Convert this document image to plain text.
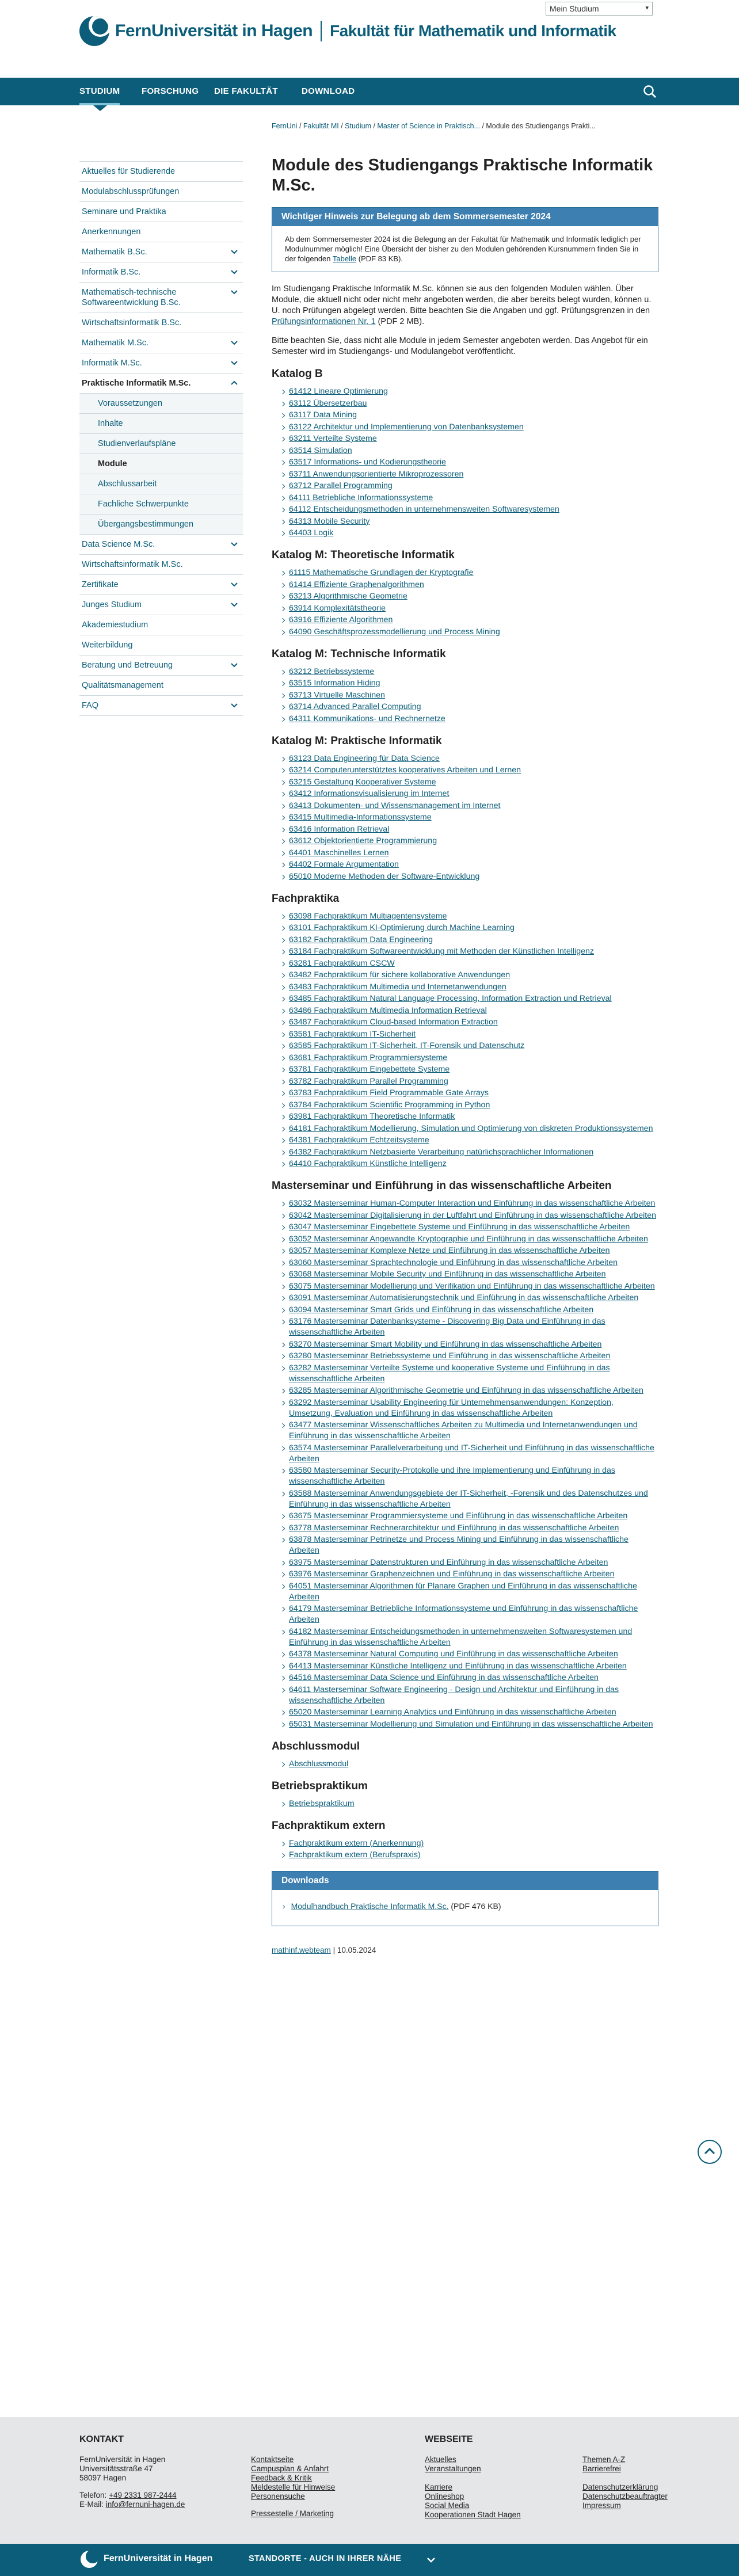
FernUniversität in Hagen Fakultät für Mathematik und Informatik
Mein Studium	▾
STUDIUM	FORSCHUNG DIE FAKULTÄT	DOWNLOAD
FernUni / Fakultät MI / Studium / Master of Science in Praktisch... / Module des Studiengangs Prakti...
Aktuelles für Studierende
Modulabschlussprüfungen
Seminare und Praktika
Anerkennungen
Mathematik B.Sc.
Informatik B.Sc.
Mathematisch-technische Softwareentwicklung B.Sc.
Wirtschaftsinformatik B.Sc.
Mathematik M.Sc.
Informatik M.Sc.
Praktische Informatik M.Sc.
Voraussetzungen
Inhalte
Studienverlaufspläne
Module
Abschlussarbeit
Fachliche Schwerpunkte
Übergangsbestimmungen
Data Science M.Sc.
Wirtschaftsinformatik M.Sc.
Zertifikate
Junges Studium
Akademiestudium
Weiterbildung
Beratung und Betreuung
Qualitätsmanagement
FAQ
Module des Studiengangs Praktische Informatik M.Sc.
Wichtiger Hinweis zur Belegung ab dem Sommersemester 2024
Ab dem Sommersemester 2024 ist die Belegung an der Fakultät für Mathematik und Informatik lediglich per Modulnummer möglich! Eine Übersicht der bisher zu den Modulen gehörenden Kursnummern finden Sie in der folgenden Tabelle (PDF 83 KB).

Im Studiengang Praktische Informatik M.Sc. können sie aus den folgenden Modulen wählen. Über Module, die aktuell nicht oder nicht mehr angeboten werden, die aber bereits belegt wurden, können u. U. noch Prüfungen abgelegt werden. Bitte beachten Sie die Angaben und ggf. Prüfungsgrenzen in den Prüfungsinformationen Nr. 1 (PDF 2 MB).

Bitte beachten Sie, dass nicht alle Module in jedem Semester angeboten werden. Das Angebot für ein Semester wird im Studiengangs- und Modulangebot veröffentlicht.

Katalog B
61412 Lineare Optimierung
63112 Übersetzerbau
63117 Data Mining
63122 Architektur und Implementierung von Datenbanksystemen
63211 Verteilte Systeme
63514 Simulation
63517 Informations- und Kodierungstheorie
63711 Anwendungsorientierte Mikroprozessoren
63712 Parallel Programming
64111 Betriebliche Informationssysteme
64112 Entscheidungsmethoden in unternehmensweiten Softwaresystemen
64313 Mobile Security
64403 Logik
Katalog M: Theoretische Informatik
61115 Mathematische Grundlagen der Kryptografie
61414 Effiziente Graphenalgorithmen
63213 Algorithmische Geometrie
63914 Komplexitätstheorie
63916 Effiziente Algorithmen
64090 Geschäftsprozessmodellierung und Process Mining
Katalog M: Technische Informatik
63212 Betriebssysteme
63515 Information Hiding
63713 Virtuelle Maschinen
63714 Advanced Parallel Computing
64311 Kommunikations- und Rechnernetze
Katalog M: Praktische Informatik
63123 Data Engineering für Data Science
63214 Computerunterstütztes kooperatives Arbeiten und Lernen
63215 Gestaltung Kooperativer Systeme
63412 Informationsvisualisierung im Internet
63413 Dokumenten- und Wissensmanagement im Internet
63415 Multimedia-Informationssysteme
63416 Information Retrieval
63612 Objektorientierte Programmierung
64401 Maschinelles Lernen
64402 Formale Argumentation
65010 Moderne Methoden der Software-Entwicklung
Fachpraktika
63098 Fachpraktikum Multiagentensysteme
63101 Fachpraktikum KI-Optimierung durch Machine Learning
63182 Fachpraktikum Data Engineering
63184 Fachpraktikum Softwareentwicklung mit Methoden der Künstlichen Intelligenz
63281 Fachpraktikum CSCW
63482 Fachpraktikum für sichere kollaborative Anwendungen
63483 Fachpraktikum Multimedia und Internetanwendungen
63485 Fachpraktikum Natural Language Processing, Information Extraction und Retrieval
63486 Fachpraktikum Multimedia Information Retrieval
63487 Fachpraktikum Cloud-based Information Extraction
63581 Fachpraktikum IT-Sicherheit
63585 Fachpraktikum IT-Sicherheit, IT-Forensik und Datenschutz
63681 Fachpraktikum Programmiersysteme
63781 Fachpraktikum Eingebettete Systeme
63782 Fachpraktikum Parallel Programming
63783 Fachpraktikum Field Programmable Gate Arrays
63784 Fachpraktikum Scientific Programming in Python
63981 Fachpraktikum Theoretische Informatik
64181 Fachpraktikum Modellierung, Simulation und Optimierung von diskreten Produktionssystemen
64381 Fachpraktikum Echtzeitsysteme
64382 Fachpraktikum Netzbasierte Verarbeitung natürlichsprachlicher Informationen
64410 Fachpraktikum Künstliche Intelligenz
Masterseminar und Einführung in das wissenschaftliche Arbeiten
63032 Masterseminar Human-Computer Interaction und Einführung in das wissenschaftliche Arbeiten
63042 Masterseminar Digitalisierung in der Luftfahrt und Einführung in das wissenschaftliche Arbeiten
63047 Masterseminar Eingebettete Systeme und Einführung in das wissenschaftliche Arbeiten
63052 Masterseminar Angewandte Kryptographie und Einführung in das wissenschaftliche Arbeiten
63057 Masterseminar Komplexe Netze und Einführung in das wissenschaftliche Arbeiten
63060 Masterseminar Sprachtechnologie und Einführung in das wissenschaftliche Arbeiten
63068 Masterseminar Mobile Security und Einführung in das wissenschaftliche Arbeiten
63075 Masterseminar Modellierung und Verifikation und Einführung in das wissenschaftliche Arbeiten
63091 Masterseminar Automatisierungstechnik und Einführung in das wissenschaftliche Arbeiten
63094 Masterseminar Smart Grids und Einführung in das wissenschaftliche Arbeiten
63176 Masterseminar Datenbanksysteme - Discovering Big Data und Einführung in das wissenschaftliche Arbeiten
63270 Masterseminar Smart Mobility und Einführung in das wissenschaftliche Arbeiten
63280 Masterseminar Betriebssysteme und Einführung in das wissenschaftliche Arbeiten
63282 Masterseminar Verteilte Systeme und kooperative Systeme und Einführung in das wissenschaftliche Arbeiten
63285 Masterseminar Algorithmische Geometrie und Einführung in das wissenschaftliche Arbeiten
63292 Masterseminar Usability Engineering für Unternehmensanwendungen: Konzeption, Umsetzung, Evaluation und Einführung in das wissenschaftliche Arbeiten
63477 Masterseminar Wissenschaftliches Arbeiten zu Multimedia und Internetanwendungen und Einführung in das wissenschaftliche Arbeiten
63574 Masterseminar Parallelverarbeitung und IT-Sicherheit und Einführung in das wissenschaftliche Arbeiten
63580 Masterseminar Security-Protokolle und ihre Implementierung und Einführung in das wissenschaftliche Arbeiten
63588 Masterseminar Anwendungsgebiete der IT-Sicherheit, -Forensik und des Datenschutzes und Einführung in das wissenschaftliche Arbeiten
63675 Masterseminar Programmiersysteme und Einführung in das wissenschaftliche Arbeiten
63778 Masterseminar Rechnerarchitektur und Einführung in das wissenschaftliche Arbeiten
63878 Masterseminar Petrinetze und Process Mining und Einführung in das wissenschaftliche Arbeiten
63975 Masterseminar Datenstrukturen und Einführung in das wissenschaftliche Arbeiten
63976 Masterseminar Graphenzeichnen und Einführung in das wissenschaftliche Arbeiten
64051 Masterseminar Algorithmen für Planare Graphen und Einführung in das wissenschaftliche Arbeiten
64179 Masterseminar Betriebliche Informationssysteme und Einführung in das wissenschaftliche Arbeiten
64182 Masterseminar Entscheidungsmethoden in unternehmensweiten Softwaresystemen und Einführung in das wissenschaftliche Arbeiten
64378 Masterseminar Natural Computing und Einführung in das wissenschaftliche Arbeiten
64413 Masterseminar Künstliche Intelligenz und Einführung in das wissenschaftliche Arbeiten
64516 Masterseminar Data Science und Einführung in das wissenschaftliche Arbeiten
64611 Masterseminar Software Engineering - Design und Architektur und Einführung in das wissenschaftliche Arbeiten
65020 Masterseminar Learning Analytics und Einführung in das wissenschaftliche Arbeiten
65031 Masterseminar Modellierung und Simulation und Einführung in das wissenschaftliche Arbeiten
Abschlussmodul
Abschlussmodul
Betriebspraktikum
Betriebspraktikum
Fachpraktikum extern
Fachpraktikum extern (Anerkennung)
Fachpraktikum extern (Berufspraxis)
Downloads
› Modulhandbuch Praktische Informatik M.Sc. (PDF 476 KB)
mathinf.webteam | 10.05.2024
KONTAKT
FernUniversität in Hagen
Universitätsstraße 47
58097 Hagen
Telefon: +49 2331 987-2444
E-Mail: info@fernuni-hagen.de
Kontaktseite
Campusplan & Anfahrt
Feedback & Kritik
Meldestelle für Hinweise
Personensuche
Pressestelle / Marketing
WEBSEITE
Aktuelles
Veranstaltungen
Karriere
Onlineshop
Social Media
Kooperationen Stadt Hagen
Themen A-Z
Barrierefrei
Datenschutzerklärung
Datenschutzbeauftragter
Impressum
FernUniversität in Hagen	STANDORTE - AUCH IN IHRER NÄHE
